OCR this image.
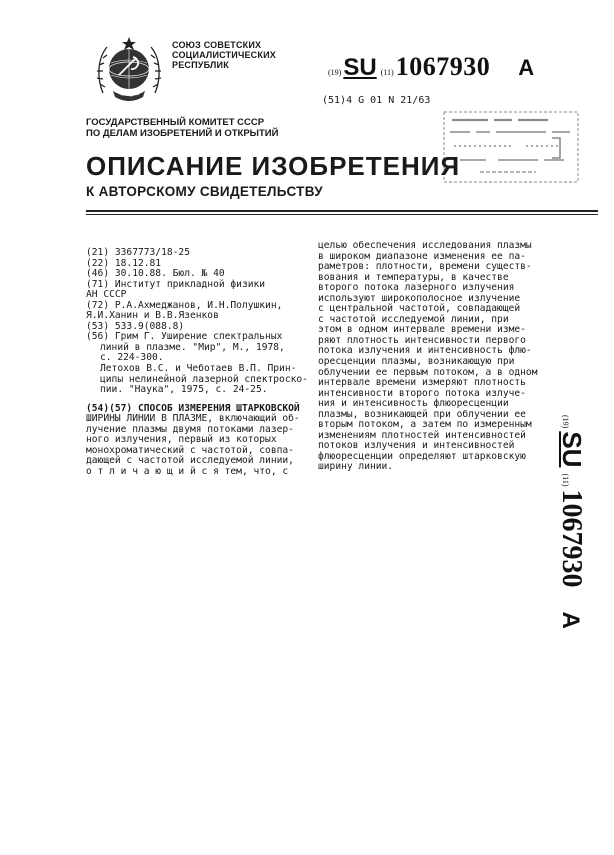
СОЮЗ СОВЕТСКИХ
СОЦИАЛИСТИЧЕСКИХ
РЕСПУБЛИК
(19) SU (11) 1067930 A
(51)4 G 01 N 21/63
ГОСУДАРСТВЕННЫЙ КОМИТЕТ СССР
ПО ДЕЛАМ ИЗОБРЕТЕНИЙ И ОТКРЫТИЙ
ОПИСАНИЕ ИЗОБРЕТЕНИЯ
К АВТОРСКОМУ СВИДЕТЕЛЬСТВУ
(21) 3367773/18-25
(22) 18.12.81
(46) 30.10.88. Бюл. № 40
(71) Институт прикладной физики
АН СССР
(72) Р.А.Ахмеджанов, И.Н.Полушкин,
Я.И.Ханин и В.В.Язенков
(53) 533.9(088.8)
(56) Грим Г. Уширение спектральных
линий в плазме. "Мир", М., 1978,
с. 224-300.
Летохов В.С. и Чеботаев В.П. Прин-
ципы нелинейной лазерной спектроско-
пии. "Наука", 1975, с. 24-25.
(54)(57) СПОСОБ ИЗМЕРЕНИЯ ШТАРКОВСКОЙ
ШИРИНЫ ЛИНИИ В ПЛАЗМЕ, включающий об-
лучение плазмы двумя потоками лазер-
ного излучения, первый из которых
монохроматический с частотой, совпа-
дающей с частотой исследуемой линии,
о т л и ч а ю щ и й с я тем, что, с
целью обеспечения исследования плазмы
в широком диапазоне изменения ее па-
раметров: плотности, времени существ-
вования и температуры, в качестве
второго потока лазерного излучения
используют широкополосное излучение
с центральной частотой, совпадающей
с частотой исследуемой линии, при
этом в одном интервале времени изме-
ряют плотность интенсивности первого
потока излучения и интенсивность флю-
оресценции плазмы, возникающую при
облучении ее первым потоком, а в одном
интервале времени измеряют плотность
интенсивности второго потока излуче-
ния и интенсивность флюоресценции
плазмы, возникающей при облучении ее
вторым потоком, а затем по измеренным
изменениям плотностей интенсивностей
потоков излучения и интенсивностей
флюоресценции определяют штарковскую
ширину линии.
(19)
SU
(11)
1067930
A
